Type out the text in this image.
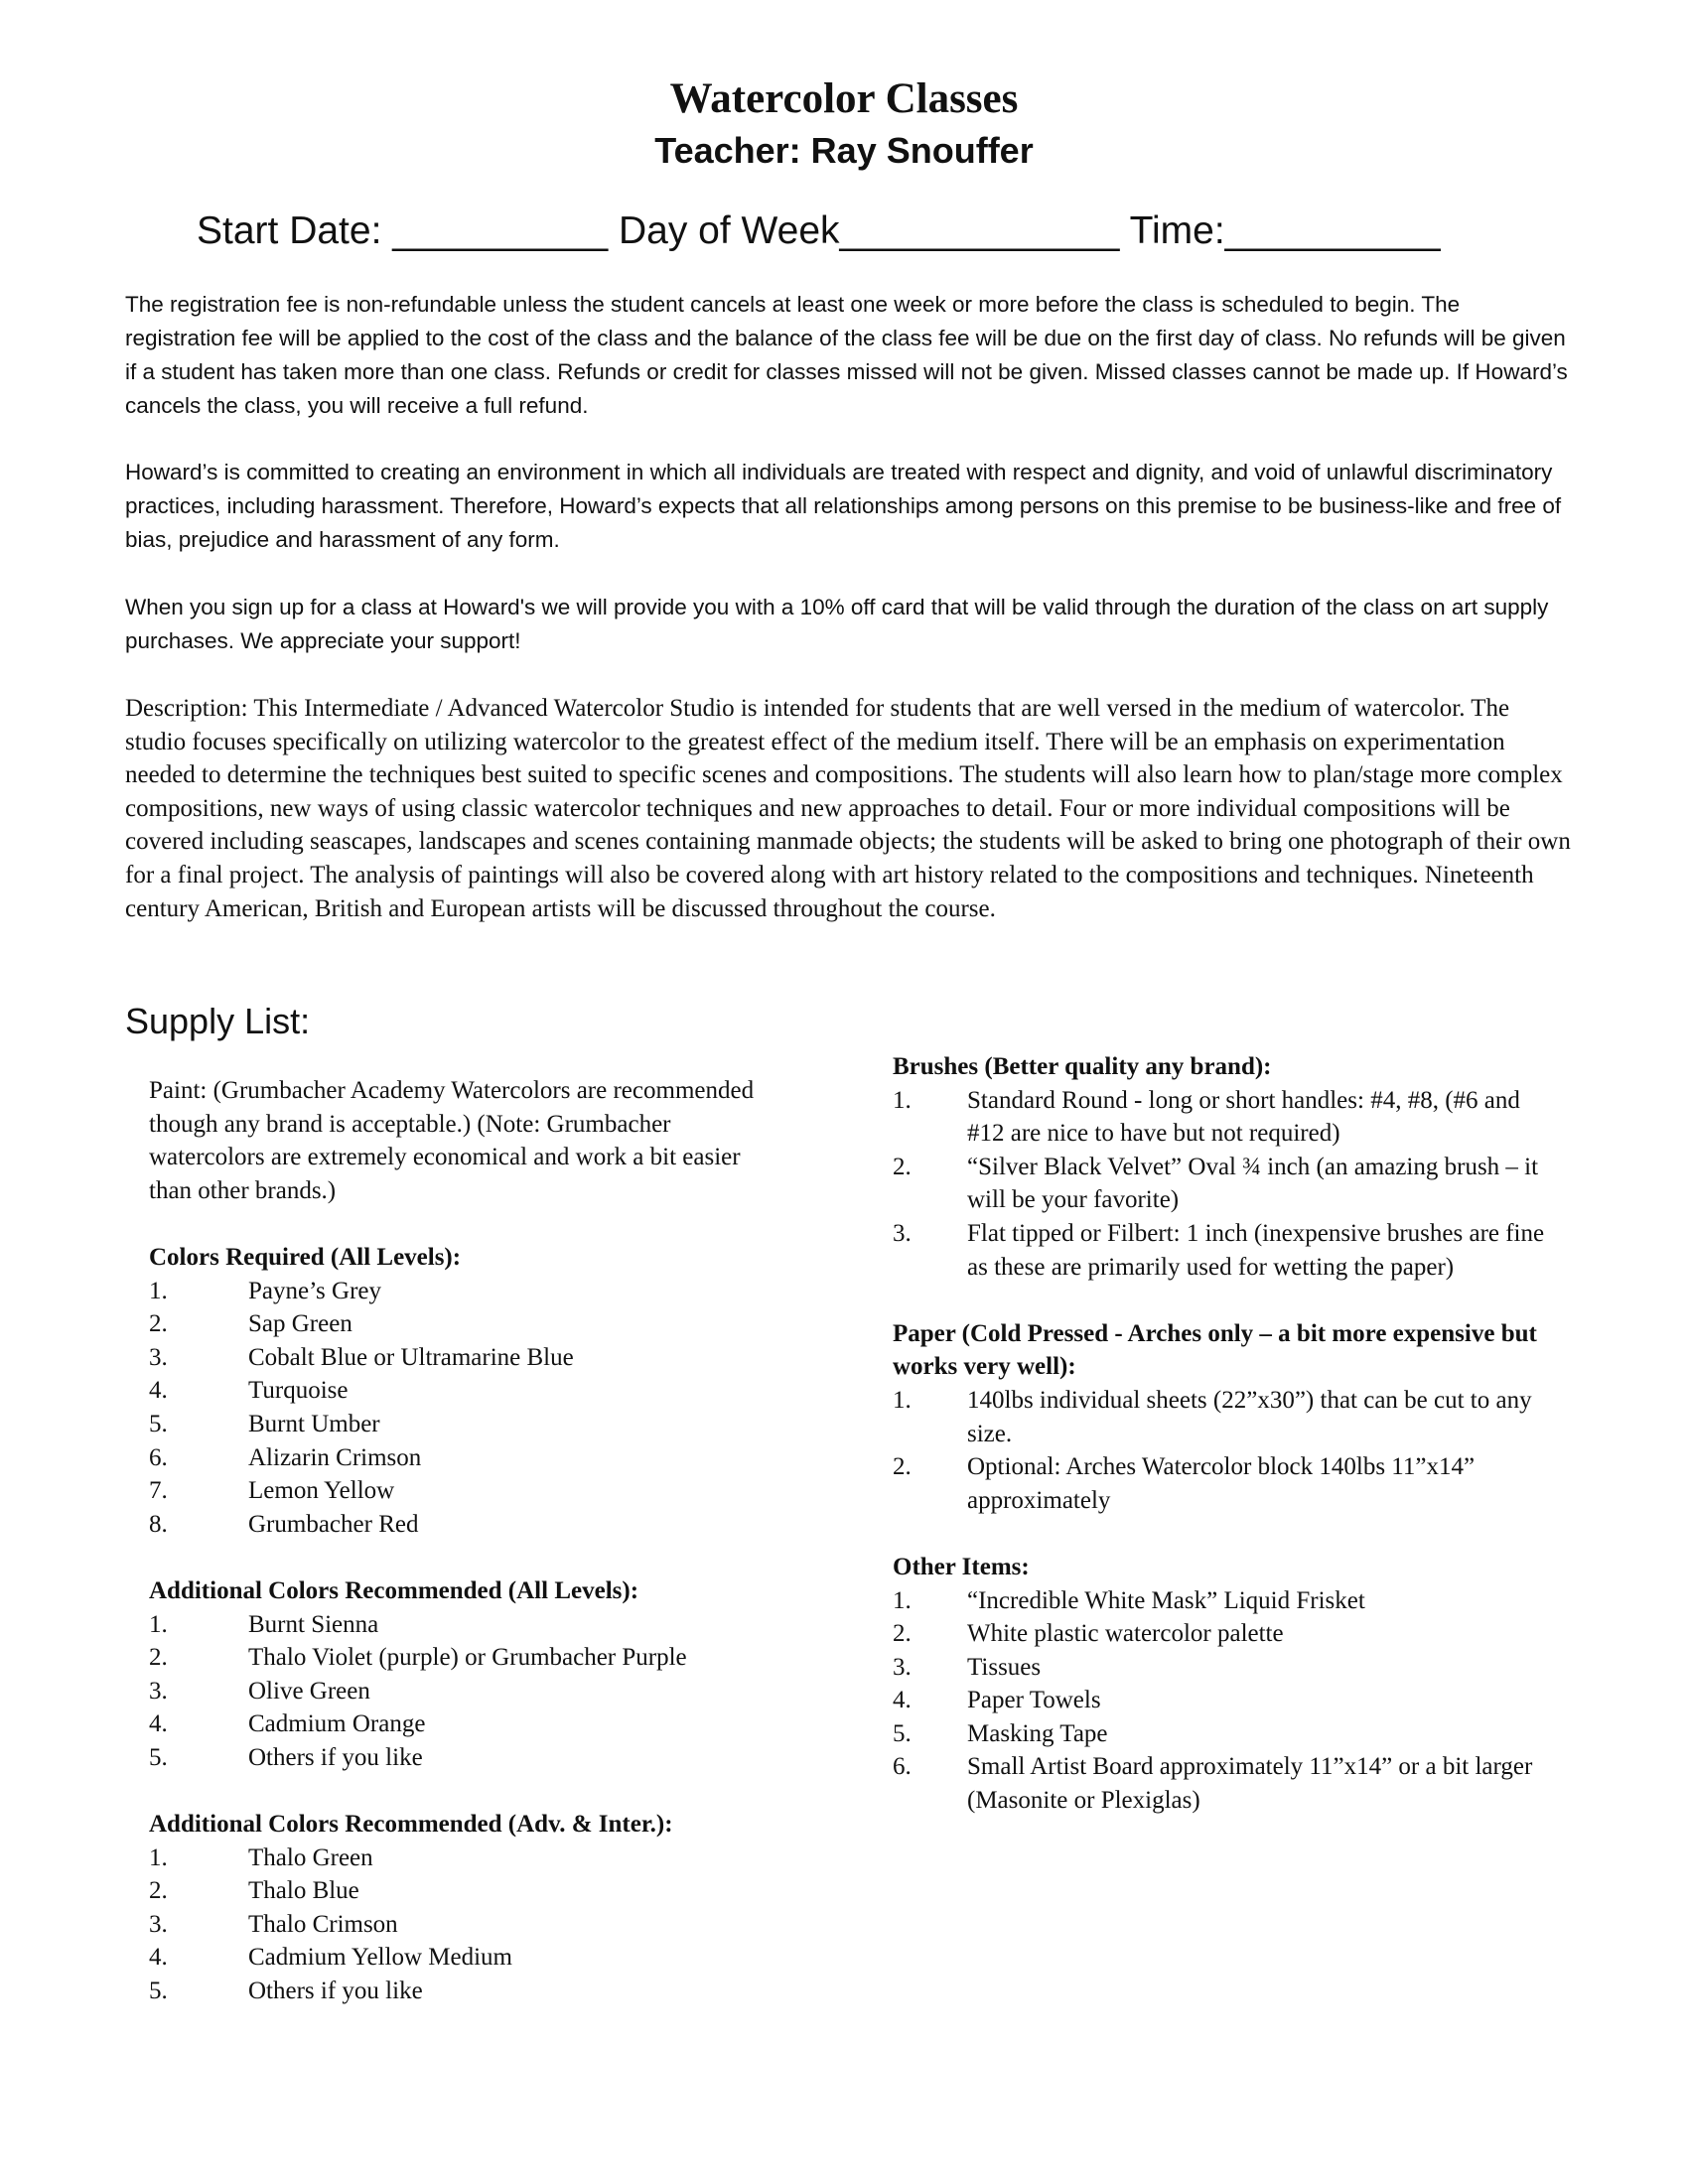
Watercolor Classes
Teacher: Ray Snouffer
Start Date: __________ Day of Week_____________ Time:__________

The registration fee is non-refundable unless the student cancels at least one week or more before the class is scheduled to begin. The registration fee will be applied to the cost of the class and the balance of the class fee will be due on the first day of class. No refunds will be given if a student has taken more than one class. Refunds or credit for classes missed will not be given. Missed classes cannot be made up. If Howard’s cancels the class, you will receive a full refund.

Howard’s is committed to creating an environment in which all individuals are treated with respect and dignity, and void of unlawful discriminatory practices, including harassment. Therefore, Howard’s expects that all relationships among persons on this premise to be business-like and free of bias, prejudice and harassment of any form.

When you sign up for a class at Howard's we will provide you with a 10% off card that will be valid through the duration of the class on art supply purchases. We appreciate your support!

Description: This Intermediate / Advanced Watercolor Studio is intended for students that are well versed in the medium of watercolor. The studio focuses specifically on utilizing watercolor to the greatest effect of the medium itself. There will be an emphasis on experimentation needed to determine the techniques best suited to specific scenes and compositions. The students will also learn how to plan/stage more complex compositions, new ways of using classic watercolor techniques and new approaches to detail. Four or more individual compositions will be covered including seascapes, landscapes and scenes containing manmade objects; the students will be asked to bring one photograph of their own for a final project. The analysis of paintings will also be covered along with art history related to the compositions and techniques. Nineteenth century American, British and European artists will be discussed throughout the course.

Supply List:

Paint: (Grumbacher Academy Watercolors are recommended though any brand is acceptable.) (Note: Grumbacher watercolors are extremely economical and work a bit easier than other brands.)

Colors Required (All Levels):

1.	Payne’s Grey
2.	Sap Green
3.	Cobalt Blue or Ultramarine Blue
4.	Turquoise
5.	Burnt Umber
6.	Alizarin Crimson
7.	Lemon Yellow
8.	Grumbacher Red

Additional Colors Recommended (All Levels):

1.	Burnt Sienna
2.	Thalo Violet (purple) or Grumbacher Purple
3.	Olive Green
4.	Cadmium Orange
5.	Others if you like

Additional Colors Recommended (Adv. & Inter.):

1.	Thalo Green
2.	Thalo Blue
3.	Thalo Crimson
4.	Cadmium Yellow Medium
5.	Others if you like

Brushes (Better quality any brand):

1. Standard Round - long or short handles: #4, #8, (#6 and #12 are nice to have but not required)
2. “Silver Black Velvet” Oval ¾ inch (an amazing brush – it will be your favorite)
3. Flat tipped or Filbert: 1 inch (inexpensive brushes are fine as these are primarily used for wetting the paper)

Paper (Cold Pressed - Arches only – a bit more expensive but works very well):

1. 140lbs individual sheets (22”x30”) that can be cut to any size.
2. Optional: Arches Watercolor block 140lbs 11”x14” approximately

Other Items:

1. “Incredible White Mask” Liquid Frisket
2. White plastic watercolor palette
3. Tissues
4. Paper Towels
5. Masking Tape
6. Small Artist Board approximately 11”x14” or a bit larger (Masonite or Plexiglas)
